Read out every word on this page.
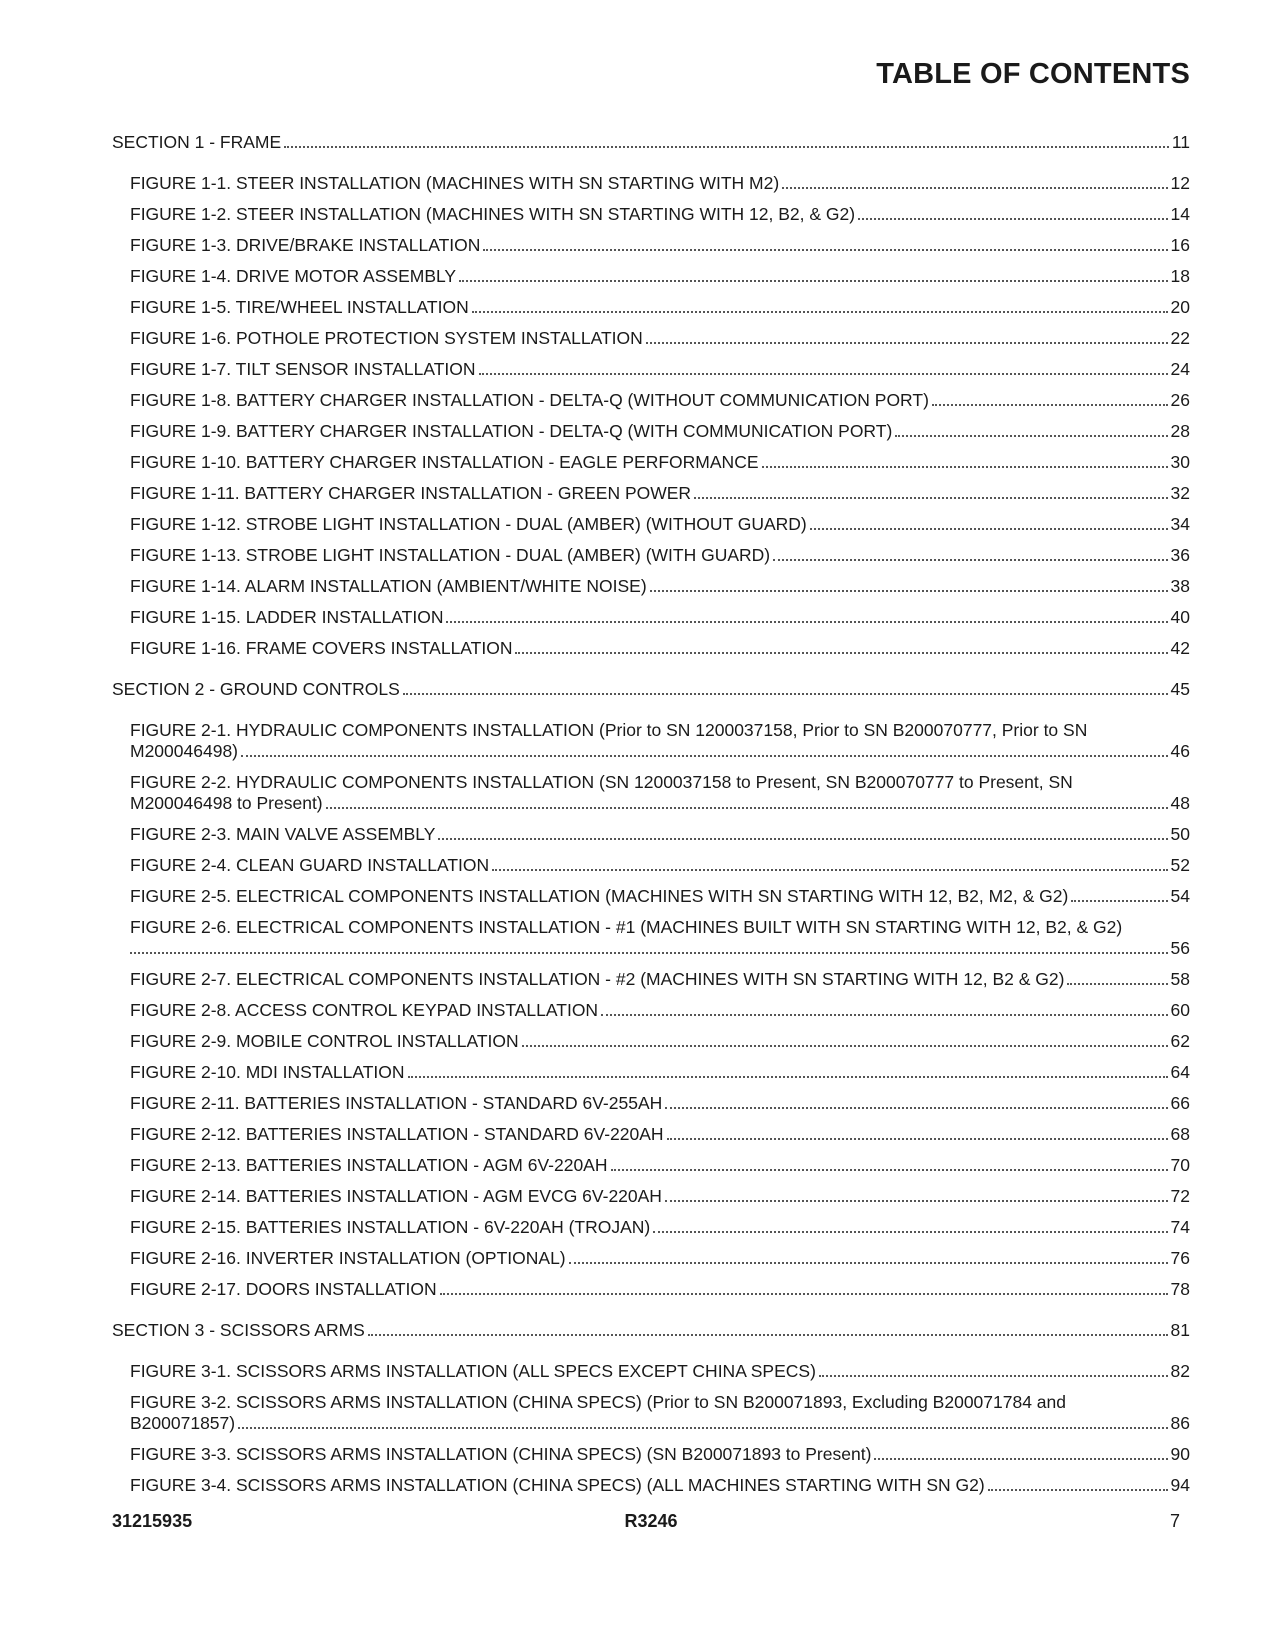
TABLE OF CONTENTS
SECTION 1 - FRAME	11
FIGURE 1-1. STEER INSTALLATION (MACHINES WITH SN STARTING WITH M2)	12
FIGURE 1-2. STEER INSTALLATION (MACHINES WITH SN STARTING WITH 12, B2, & G2)	14
FIGURE 1-3. DRIVE/BRAKE INSTALLATION	16
FIGURE 1-4. DRIVE MOTOR ASSEMBLY	18
FIGURE 1-5. TIRE/WHEEL INSTALLATION	20
FIGURE 1-6. POTHOLE PROTECTION SYSTEM INSTALLATION	22
FIGURE 1-7. TILT SENSOR INSTALLATION	24
FIGURE 1-8. BATTERY CHARGER INSTALLATION - DELTA-Q (WITHOUT COMMUNICATION PORT)	26
FIGURE 1-9. BATTERY CHARGER INSTALLATION - DELTA-Q (WITH COMMUNICATION PORT)	28
FIGURE 1-10. BATTERY CHARGER INSTALLATION - EAGLE PERFORMANCE	30
FIGURE 1-11. BATTERY CHARGER INSTALLATION - GREEN POWER	32
FIGURE 1-12. STROBE LIGHT INSTALLATION - DUAL (AMBER) (WITHOUT GUARD)	34
FIGURE 1-13. STROBE LIGHT INSTALLATION - DUAL (AMBER) (WITH GUARD)	36
FIGURE 1-14. ALARM INSTALLATION (AMBIENT/WHITE NOISE)	38
FIGURE 1-15. LADDER INSTALLATION	40
FIGURE 1-16. FRAME COVERS INSTALLATION	42
SECTION 2 - GROUND CONTROLS	45
FIGURE 2-1. HYDRAULIC COMPONENTS INSTALLATION (Prior to SN 1200037158, Prior to SN B200070777, Prior to SN
M200046498)	46
FIGURE 2-2. HYDRAULIC COMPONENTS INSTALLATION (SN 1200037158 to Present, SN B200070777 to Present, SN
M200046498 to Present)	48
FIGURE 2-3. MAIN VALVE ASSEMBLY	50
FIGURE 2-4. CLEAN GUARD INSTALLATION	52
FIGURE 2-5. ELECTRICAL COMPONENTS INSTALLATION (MACHINES WITH SN STARTING WITH 12, B2, M2, & G2)	54
FIGURE 2-6. ELECTRICAL COMPONENTS INSTALLATION - #1 (MACHINES BUILT WITH SN STARTING WITH 12, B2, & G2)
56
FIGURE 2-7. ELECTRICAL COMPONENTS INSTALLATION - #2 (MACHINES WITH SN STARTING WITH 12, B2 & G2)	58
FIGURE 2-8. ACCESS CONTROL KEYPAD INSTALLATION	60
FIGURE 2-9. MOBILE CONTROL INSTALLATION	62
FIGURE 2-10. MDI INSTALLATION	64
FIGURE 2-11. BATTERIES INSTALLATION - STANDARD 6V-255AH	66
FIGURE 2-12. BATTERIES INSTALLATION - STANDARD 6V-220AH	68
FIGURE 2-13. BATTERIES INSTALLATION - AGM 6V-220AH	70
FIGURE 2-14. BATTERIES INSTALLATION - AGM EVCG 6V-220AH	72
FIGURE 2-15. BATTERIES INSTALLATION - 6V-220AH (TROJAN)	74
FIGURE 2-16. INVERTER INSTALLATION (OPTIONAL)	76
FIGURE 2-17. DOORS INSTALLATION	78
SECTION 3 - SCISSORS ARMS	81
FIGURE 3-1. SCISSORS ARMS INSTALLATION (ALL SPECS EXCEPT CHINA SPECS)	82
FIGURE 3-2. SCISSORS ARMS INSTALLATION (CHINA SPECS) (Prior to SN B200071893, Excluding B200071784 and
B200071857)	86
FIGURE 3-3. SCISSORS ARMS INSTALLATION (CHINA SPECS) (SN B200071893 to Present)	90
FIGURE 3-4. SCISSORS ARMS INSTALLATION (CHINA SPECS) (ALL MACHINES STARTING WITH SN G2)	94
31215935	R3246	7
